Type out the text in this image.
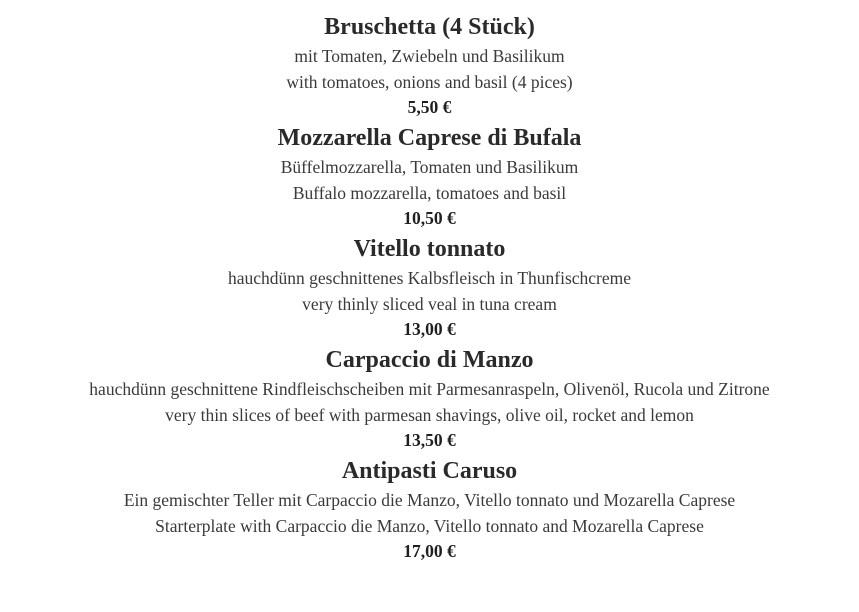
Bruschetta (4 Stück)
mit Tomaten, Zwiebeln und Basilikum
with tomatoes, onions and basil (4 pices)
5,50 €
Mozzarella Caprese di Bufala
Büffelmozzarella, Tomaten und Basilikum
Buffalo mozzarella, tomatoes and basil
10,50 €
Vitello tonnato
hauchdünn geschnittenes Kalbsfleisch in Thunfischcreme
very thinly sliced veal in tuna cream
13,00 €
Carpaccio di Manzo
hauchdünn geschnittene Rindfleischscheiben mit Parmesanraspeln, Olivenöl, Rucola und Zitrone
very thin slices of beef with parmesan shavings, olive oil, rocket and lemon
13,50 €
Antipasti Caruso
Ein gemischter Teller mit Carpaccio die Manzo, Vitello tonnato und Mozarella Caprese
Starterplate with Carpaccio die Manzo, Vitello tonnato and Mozarella Caprese
17,00 €
